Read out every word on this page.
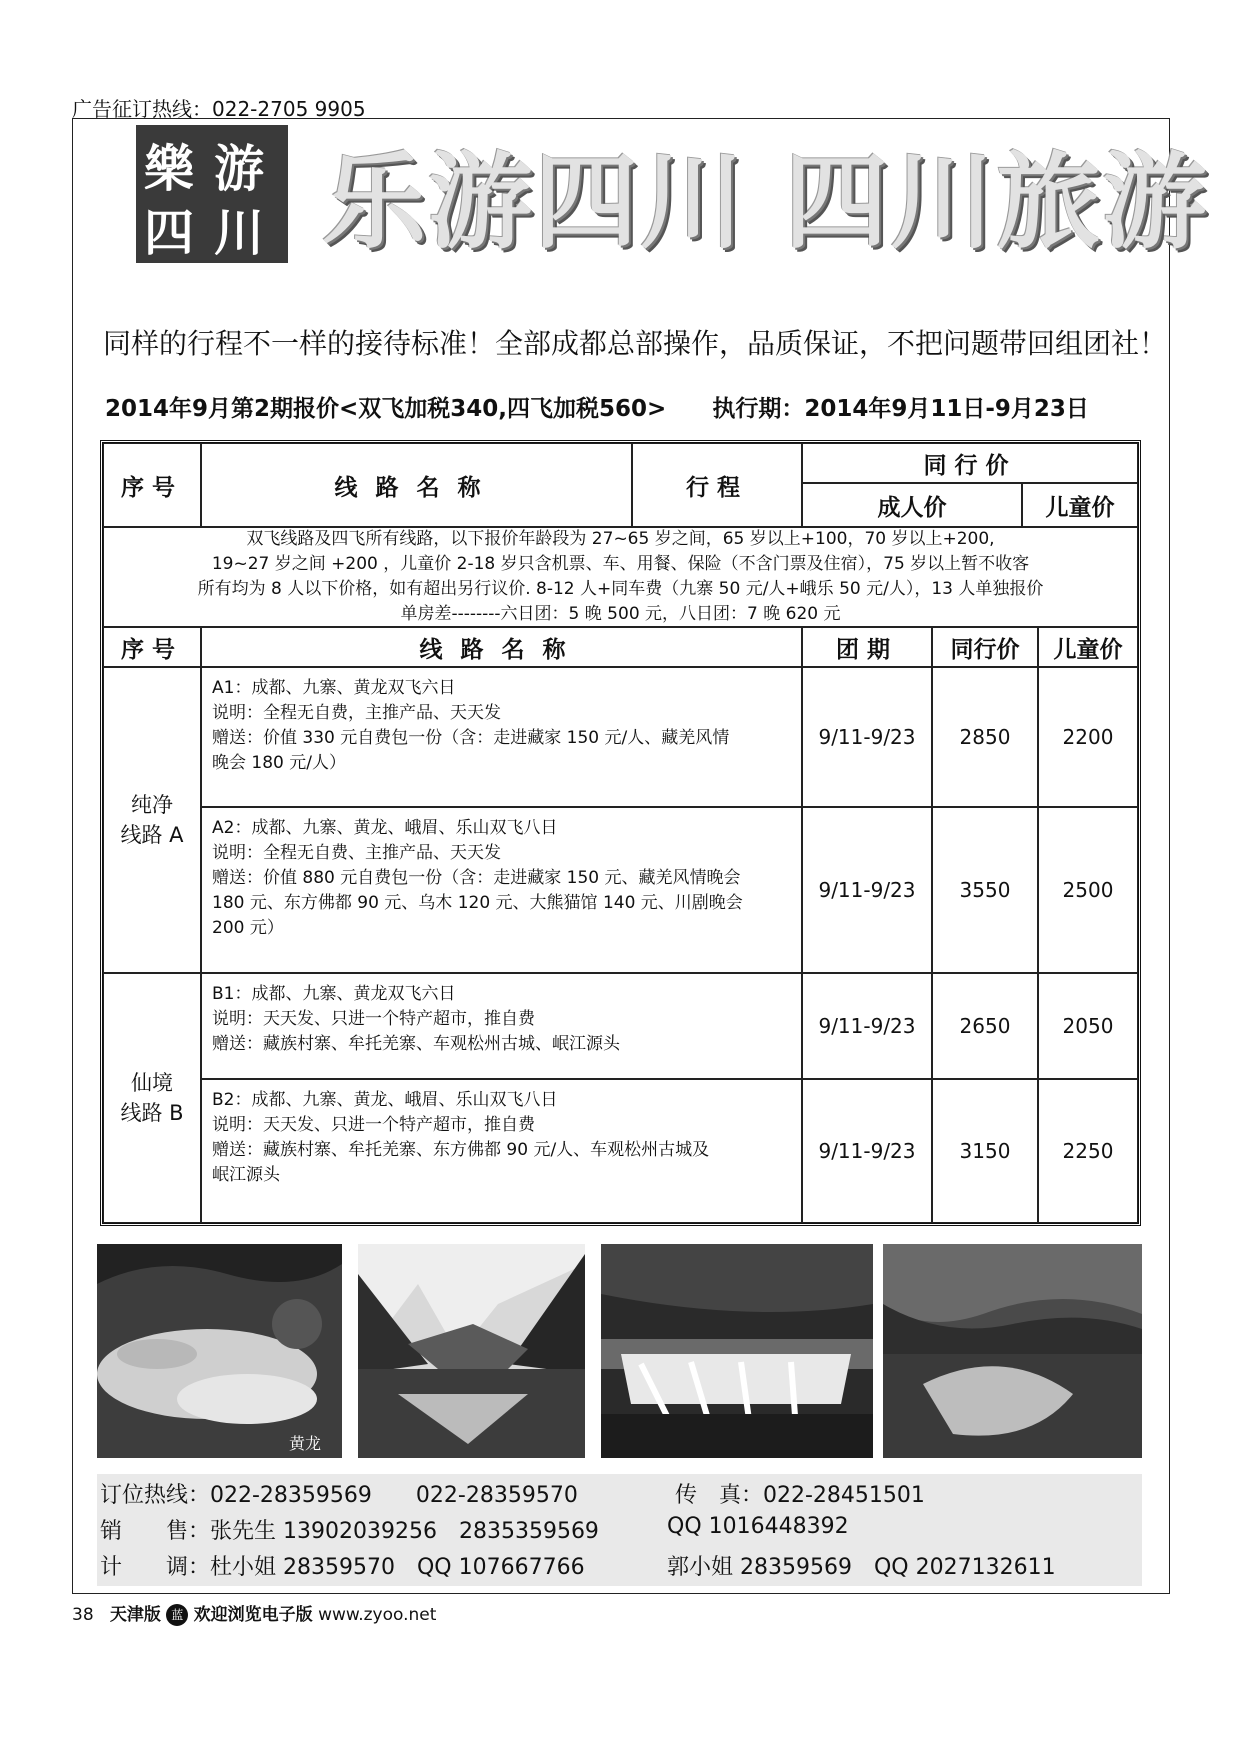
广告征订热线：022-2705 9905
樂 游
四 川 乐游四川 四川旅游
同样的行程不一样的接待标准！全部成都总部操作，品质保证，不把问题带回组团社！
2014年9月第2期报价<双飞加税340,四飞加税560>　　执行期：2014年9月11日-9月23日
序号	线路名称	行程
同行价
成人价	儿童价
双飞线路及四飞所有线路，以下报价年龄段为 27~65 岁之间，65 岁以上+100，70 岁以上+200,
19~27 岁之间 +200 ，儿童价 2-18 岁只含机票、车、用餐、保险（不含门票及住宿），75 岁以上暂不收客
所有均为 8 人以下价格，如有超出另行议价. 8-12 人+同车费（九寨 50 元/人+峨乐 50 元/人），13 人单独报价
单房差--------六日团：5 晚 500 元，八日团：7 晚 620 元
序号	线路名称	团期	同行价	儿童价
纯净
线路 A
A1：成都、九寨、黄龙双飞六日
说明：全程无自费，主推产品、天天发
赠送：价值 330 元自费包一份（含：走进藏家 150 元/人、藏羌风情
晚会 180 元/人）
9/11-9/23	2850	2200
A2：成都、九寨、黄龙、峨眉、乐山双飞八日
说明：全程无自费、主推产品、天天发
赠送：价值 880 元自费包一份（含：走进藏家 150 元、藏羌风情晚会
180 元、东方佛都 90 元、乌木 120 元、大熊猫馆 140 元、川剧晚会
200 元）
9/11-9/23	3550	2500
仙境
线路 B
B1：成都、九寨、黄龙双飞六日
说明：天天发、只进一个特产超市，推自费
赠送：藏族村寨、牟托羌寨、车观松州古城、岷江源头
9/11-9/23	2650	2050
B2：成都、九寨、黄龙、峨眉、乐山双飞八日
说明：天天发、只进一个特产超市，推自费
赠送：藏族村寨、牟托羌寨、东方佛都 90 元/人、车观松州古城及
岷江源头
9/11-9/23	3150	2250
黄龙
订位热线：022-28359569　　022-28359570	传　真：022-28451501
销　　售：张先生 13902039256　2835359569	QQ 1016448392
计　　调：杜小姐 28359570　QQ 107667766	郭小姐 28359569　QQ 2027132611
38 天津版 蓝 欢迎浏览电子版 www.zyoo.net
